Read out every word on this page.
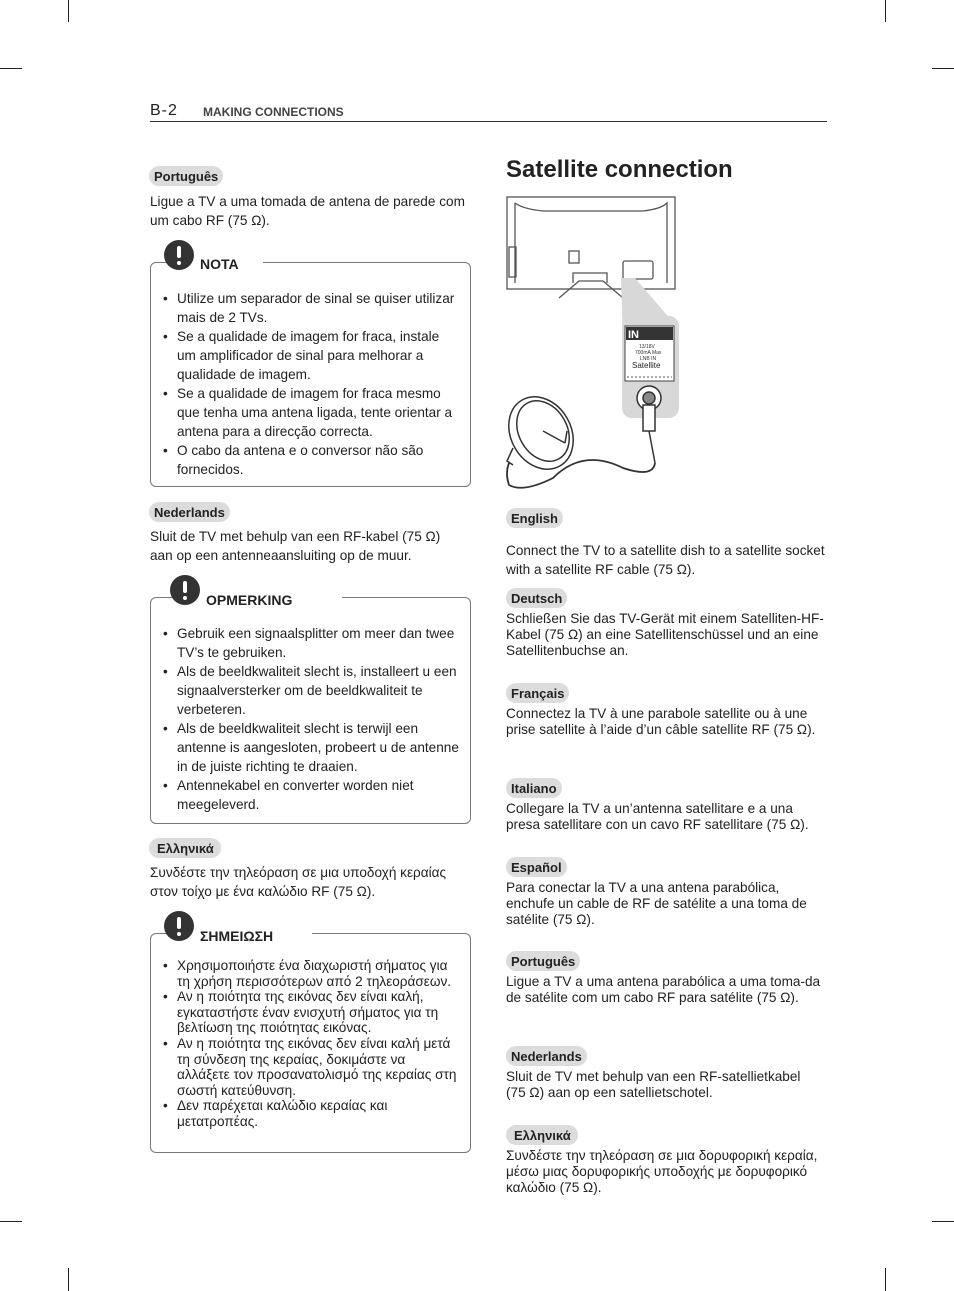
B-2 MAKING CONNECTIONS
Português
Ligue a TV a uma tomada de antena de parede com um cabo RF (75 Ω).
NOTA
• Utilize um separador de sinal se quiser utilizar mais de 2 TVs.
• Se a qualidade de imagem for fraca, instale um amplificador de sinal para melhorar a qualidade de imagem.
• Se a qualidade de imagem for fraca mesmo que tenha uma antena ligada, tente orientar a antena para a direcção correcta.
• O cabo da antena e o conversor não são fornecidos.
Nederlands
Sluit de TV met behulp van een RF-kabel (75 Ω) aan op een antenneaansluiting op de muur.
OPMERKING
• Gebruik een signaalsplitter om meer dan twee TV’s te gebruiken.
• Als de beeldkwaliteit slecht is, installeert u een signaalversterker om de beeldkwaliteit te verbeteren.
• Als de beeldkwaliteit slecht is terwijl een antenne is aangesloten, probeert u de antenne in de juiste richting te draaien.
• Antennekabel en converter worden niet meegeleverd.
Ελληνικά
Συνδέστε την τηλεόραση σε μια υποδοχή κεραίας στον τοίχο με ένα καλώδιο RF (75 Ω).
ΣΗΜΕΙΩΣΗ
• Χρησιμοποιήστε ένα διαχωριστή σήματος για τη χρήση περισσότερων από 2 τηλεοράσεων.
• Αν η ποιότητα της εικόνας δεν είναι καλή, εγκαταστήστε έναν ενισχυτή σήματος για τη βελτίωση της ποιότητας εικόνας.
• Αν η ποιότητα της εικόνας δεν είναι καλή μετά τη σύνδεση της κεραίας, δοκιμάστε να αλλάξετε τον προσανατολισμό της κεραίας στη σωστή κατεύθυνση.
• Δεν παρέχεται καλώδιο κεραίας και μετατροπέας.
Satellite connection
IN
13/18V
700mA Max
LNB IN
Satellite
English
Connect the TV to a satellite dish to a satellite socket with a satellite RF cable (75 Ω).
Deutsch
Schließen Sie das TV-Gerät mit einem Satelliten-HF-Kabel (75 Ω) an eine Satellitenschüssel und an eine Satellitenbuchse an.
Français
Connectez la TV à une parabole satellite ou à une prise satellite à l’aide d’un câble satellite RF (75 Ω).
Italiano
Collegare la TV a un’antenna satellitare e a una presa satellitare con un cavo RF satellitare (75 Ω).
Español
Para conectar la TV a una antena parabólica, enchufe un cable de RF de satélite a una toma de satélite (75 Ω).
Português
Ligue a TV a uma antena parabólica a uma toma-da de satélite com um cabo RF para satélite (75 Ω).
Nederlands
Sluit de TV met behulp van een RF-satellietkabel (75 Ω) aan op een satellietschotel.
Ελληνικά
Συνδέστε την τηλεόραση σε μια δορυφορική κεραία, μέσω μιας δορυφορικής υποδοχής με δορυφορικό καλώδιο (75 Ω).
